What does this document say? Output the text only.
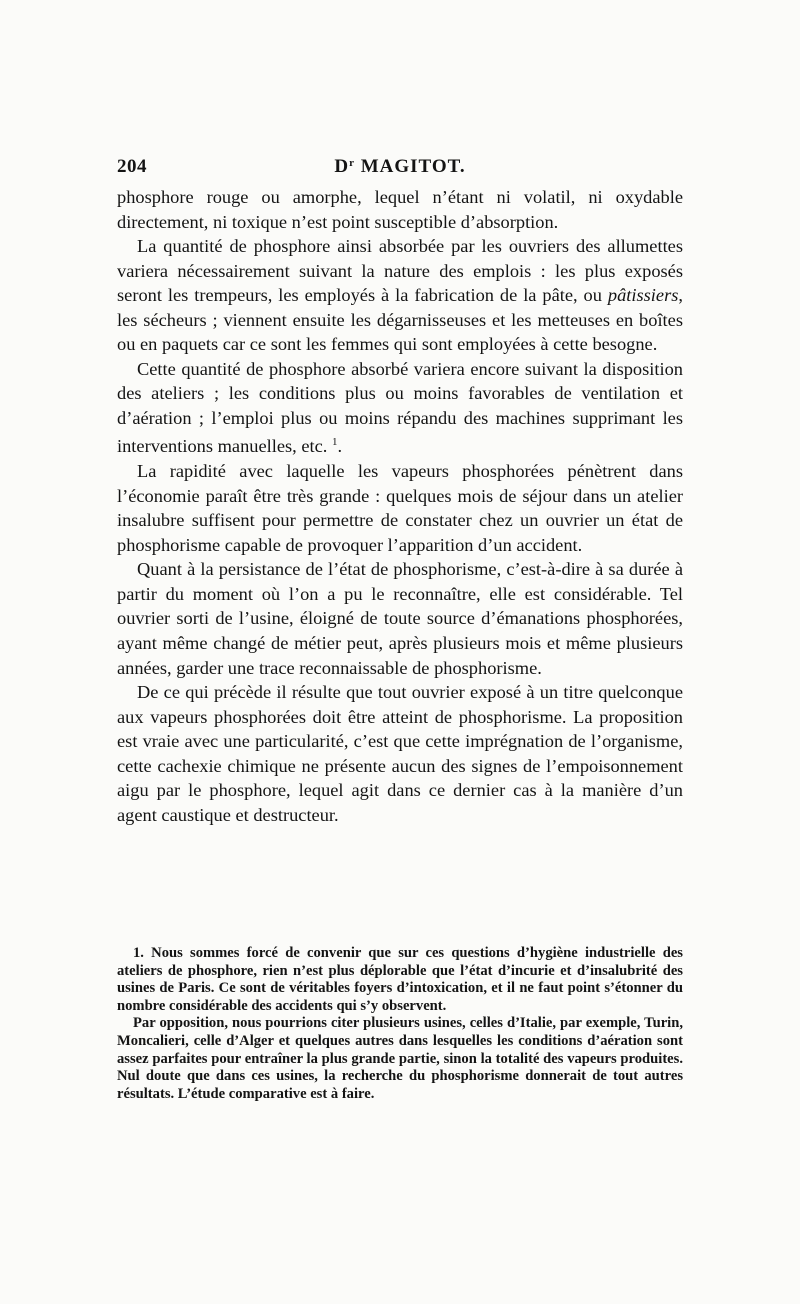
204	$D^r$ MAGITOT.

phosphore rouge ou amorphe, lequel n’étant ni volatil, ni oxydable directement, ni toxique n’est point susceptible d’absorption.

La quantité de phosphore ainsi absorbée par les ouvriers des allumettes variera nécessairement suivant la nature des emplois : les plus exposés seront les trempeurs, les employés à la fabrication de la pâte, ou pâtissiers, les sécheurs ; viennent ensuite les dégarnisseuses et les metteuses en boîtes ou en paquets car ce sont les femmes qui sont employées à cette besogne.

Cette quantité de phosphore absorbé variera encore suivant la disposition des ateliers ; les conditions plus ou moins favorables de ventilation et d’aération ; l’emploi plus ou moins répandu des machines supprimant les interventions manuelles, etc. $^1$.

La rapidité avec laquelle les vapeurs phosphorées pénètrent dans l’économie paraît être très grande : quelques mois de séjour dans un atelier insalubre suffisent pour permettre de constater chez un ouvrier un état de phosphorisme capable de provoquer l’apparition d’un accident.

Quant à la persistance de l’état de phosphorisme, c’est-à-dire à sa durée à partir du moment où l’on a pu le reconnaître, elle est considérable. Tel ouvrier sorti de l’usine, éloigné de toute source d’émanations phosphorées, ayant même changé de métier peut, après plusieurs mois et même plusieurs années, garder une trace reconnaissable de phosphorisme.

De ce qui précède il résulte que tout ouvrier exposé à un titre quelconque aux vapeurs phosphorées doit être atteint de phosphorisme. La proposition est vraie avec une particularité, c’est que cette imprégnation de l’organisme, cette cachexie chimique ne présente aucun des signes de l’empoisonnement aigu par le phosphore, lequel agit dans ce dernier cas à la manière d’un agent caustique et destructeur.

1. Nous sommes forcé de convenir que sur ces questions d’hygiène industrielle des ateliers de phosphore, rien n’est plus déplorable que l’état d’incurie et d’insalubrité des usines de Paris. Ce sont de véritables foyers d’intoxication, et il ne faut point s’étonner du nombre considérable des accidents qui s’y observent.

Par opposition, nous pourrions citer plusieurs usines, celles d’Italie, par exemple, Turin, Moncalieri, celle d’Alger et quelques autres dans lesquelles les conditions d’aération sont assez parfaites pour entraîner la plus grande partie, sinon la totalité des vapeurs produites. Nul doute que dans ces usines, la recherche du phosphorisme donnerait de tout autres résultats. L’étude comparative est à faire.
